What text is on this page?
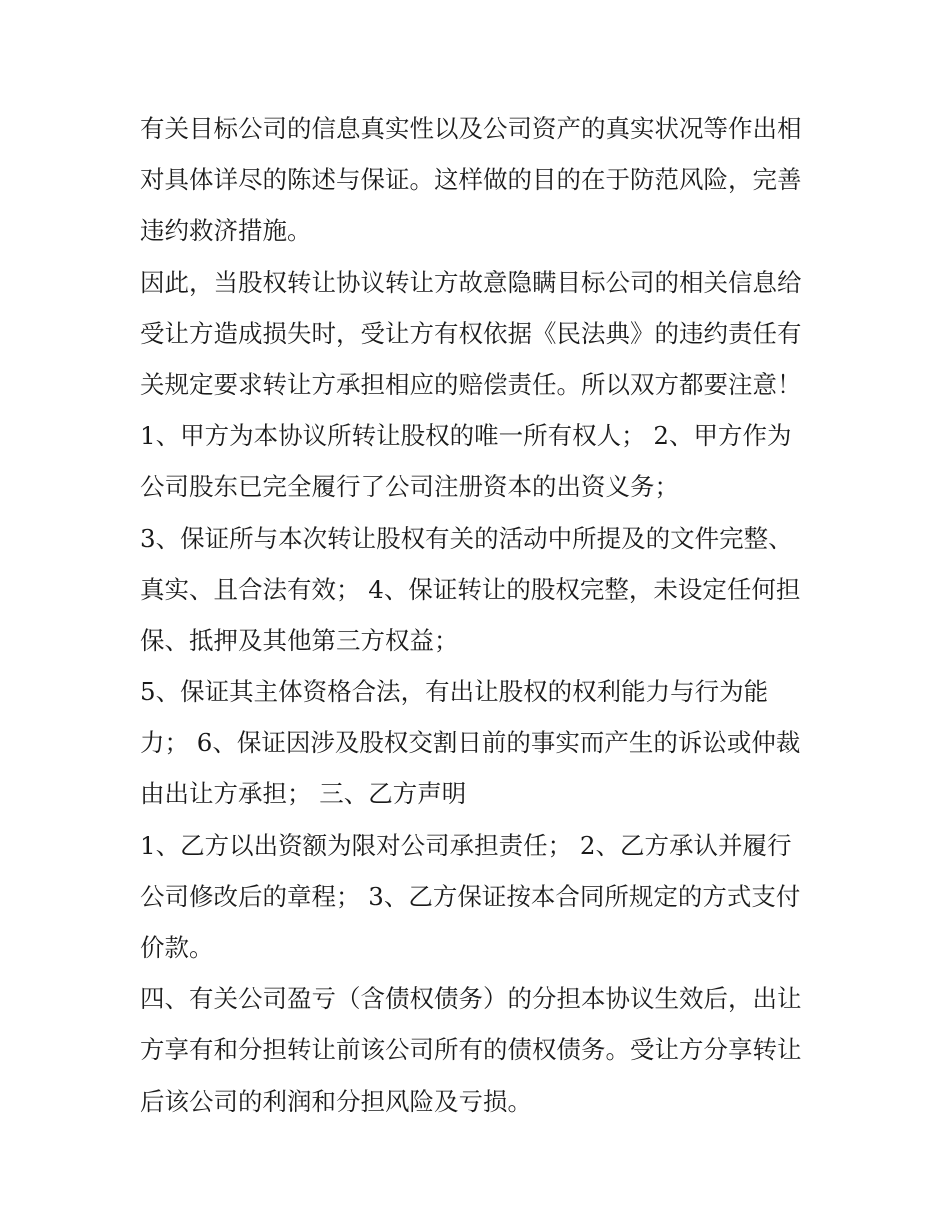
有关目标公司的信息真实性以及公司资产的真实状况等作出相
对具体详尽的陈述与保证。这样做的目的在于防范风险，完善
违约救济措施。
因此，当股权转让协议转让方故意隐瞒目标公司的相关信息给
受让方造成损失时，受让方有权依据《民法典》的违约责任有
关规定要求转让方承担相应的赔偿责任。所以双方都要注意！
1、甲方为本协议所转让股权的唯一所有权人； 2、甲方作为
公司股东已完全履行了公司注册资本的出资义务；
3、保证所与本次转让股权有关的活动中所提及的文件完整、
真实、且合法有效； 4、保证转让的股权完整，未设定任何担
保、抵押及其他第三方权益；
5、保证其主体资格合法，有出让股权的权利能力与行为能
力； 6、保证因涉及股权交割日前的事实而产生的诉讼或仲裁
由出让方承担； 三、乙方声明
1、乙方以出资额为限对公司承担责任； 2、乙方承认并履行
公司修改后的章程； 3、乙方保证按本合同所规定的方式支付
价款。
四、有关公司盈亏（含债权债务）的分担本协议生效后，出让
方享有和分担转让前该公司所有的债权债务。受让方分享转让
后该公司的利润和分担风险及亏损。
